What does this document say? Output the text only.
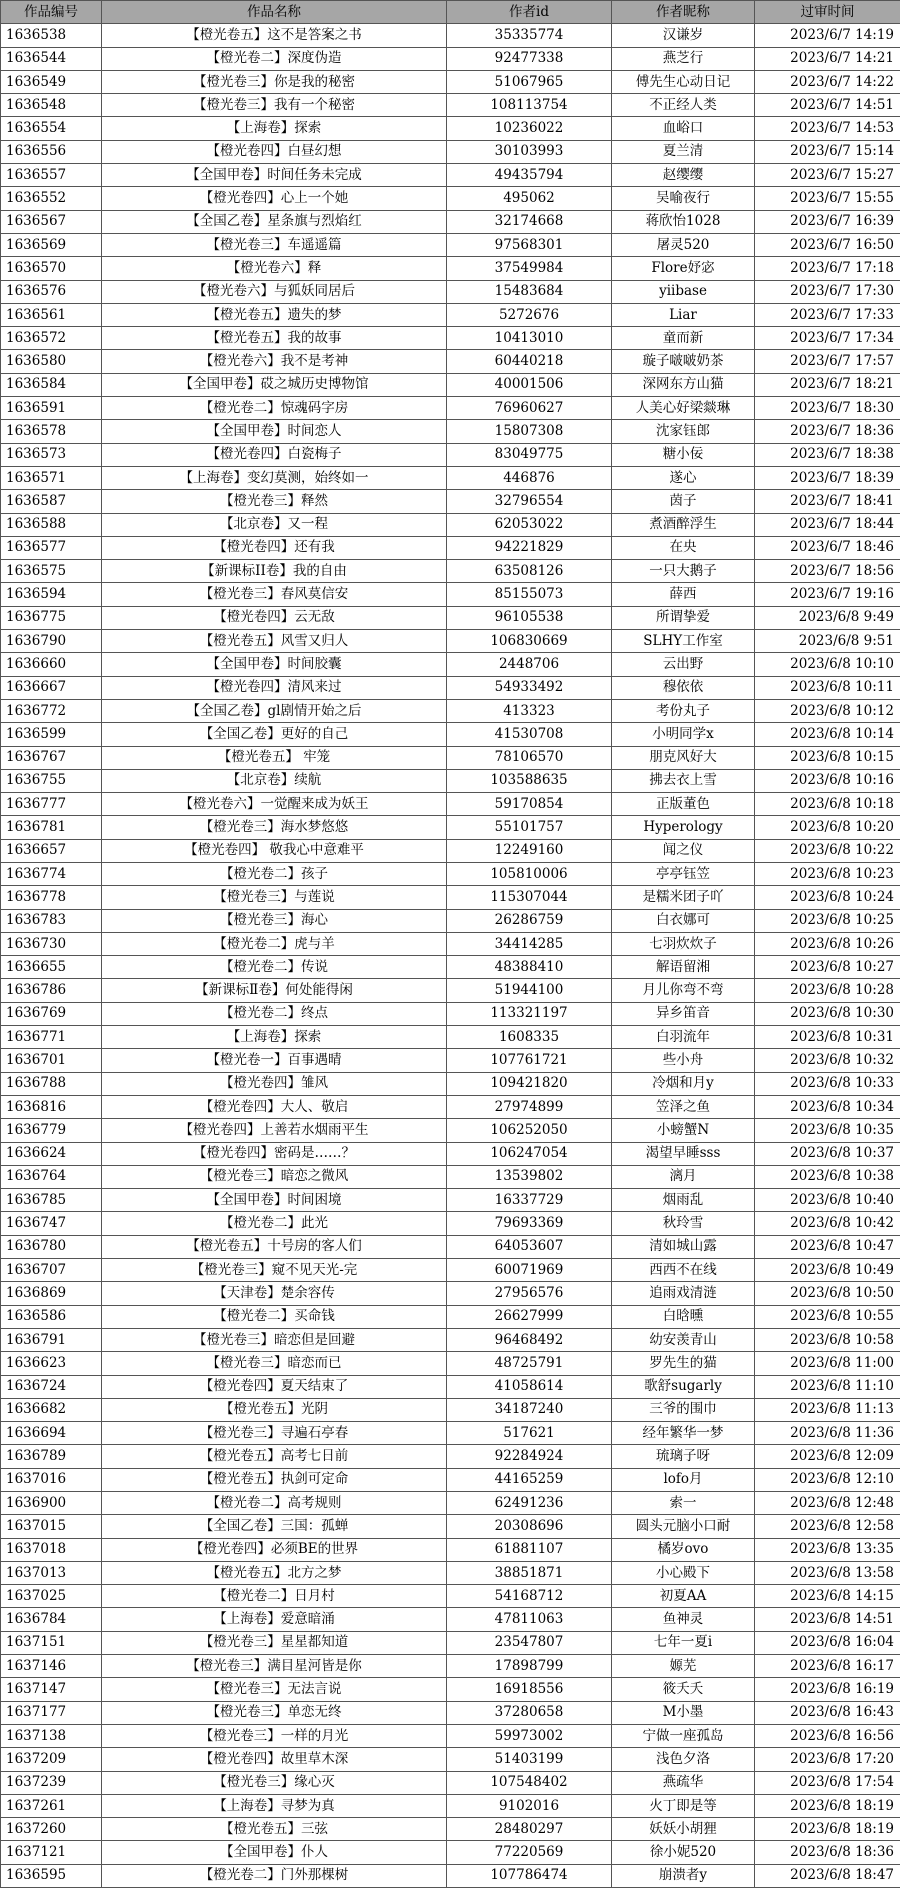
作品编号	作品名称	作者id	作者昵称	过审时间
1636538	【橙光卷五】这不是答案之书	35335774	汉谦岁	2023/6/7 14:19
1636544	【橙光卷二】深度伪造	92477338	燕芝行	2023/6/7 14:21
1636549	【橙光卷三】你是我的秘密	51067965	傅先生心动日记	2023/6/7 14:22
1636548	【橙光卷三】我有一个秘密	108113754	不正经人类	2023/6/7 14:51
1636554	【上海卷】探索	10236022	血峪口	2023/6/7 14:53
1636556	【橙光卷四】白昼幻想	30103993	夏兰清	2023/6/7 15:14
1636557	【全国甲卷】时间任务未完成	49435794	赵缨缨	2023/6/7 15:27
1636552	【橙光卷四】心上一个她	495062	吴喻夜行	2023/6/7 15:55
1636567	【全国乙卷】星条旗与烈焰红	32174668	蒋欣怡1028	2023/6/7 16:39
1636569	【橙光卷三】车遥遥篇	97568301	屠灵520	2023/6/7 16:50
1636570	【橙光卷六】释	37549984	Flore妤宓	2023/6/7 17:18
1636576	【橙光卷六】与狐妖同居后	15483684	yiibase	2023/6/7 17:30
1636561	【橙光卷五】遗失的梦	5272676	Liar	2023/6/7 17:33
1636572	【橙光卷五】我的故事	10413010	童而新	2023/6/7 17:34
1636580	【橙光卷六】我不是考神	60440218	璇子啵啵奶茶	2023/6/7 17:57
1636584	【全国甲卷】砹之城历史博物馆	40001506	深网东方山猫	2023/6/7 18:21
1636591	【橙光卷二】惊魂码字房	76960627	人美心好梁燚琳	2023/6/7 18:30
1636578	【全国甲卷】时间恋人	15807308	沈家钰郎	2023/6/7 18:36
1636573	【橙光卷四】白瓷梅子	83049775	糖小佞	2023/6/7 18:38
1636571	【上海卷】变幻莫测，始终如一	446876	遂心	2023/6/7 18:39
1636587	【橙光卷三】释然	32796554	茵子	2023/6/7 18:41
1636588	【北京卷】又一程	62053022	煮酒醉浮生	2023/6/7 18:44
1636577	【橙光卷四】还有我	94221829	在央	2023/6/7 18:46
1636575	【新课标II卷】我的自由	63508126	一只大鹅子	2023/6/7 18:56
1636594	【橙光卷三】春风莫信安	85155073	薛西	2023/6/7 19:16
1636775	【橙光卷四】云无敌	96105538	所谓挚爱	2023/6/8 9:49
1636790	【橙光卷五】风雪又归人	106830669	SLHY工作室	2023/6/8 9:51
1636660	【全国甲卷】时间胶囊	2448706	云出野	2023/6/8 10:10
1636667	【橙光卷四】清风来过	54933492	穆依依	2023/6/8 10:11
1636772	【全国乙卷】gl剧情开始之后	413323	考份丸子	2023/6/8 10:12
1636599	【全国乙卷】更好的自己	41530708	小明同学x	2023/6/8 10:14
1636767	【橙光卷五】 牢笼	78106570	朋克风好大	2023/6/8 10:15
1636755	【北京卷】续航	103588635	拂去衣上雪	2023/6/8 10:16
1636777	【橙光卷六】一觉醒来成为妖王	59170854	正版董色	2023/6/8 10:18
1636781	【橙光卷三】海水梦悠悠	55101757	Hyperology	2023/6/8 10:20
1636657	【橙光卷四】 敬我心中意难平	12249160	闻之仪	2023/6/8 10:22
1636774	【橙光卷二】孩子	105810006	亭亭钰笠	2023/6/8 10:23
1636778	【橙光卷三】与莲说	115307044	是糯米团子吖	2023/6/8 10:24
1636783	【橙光卷三】海心	26286759	白衣娜可	2023/6/8 10:25
1636730	【橙光卷二】虎与羊	34414285	七羽炊炊子	2023/6/8 10:26
1636655	【橙光卷二】传说	48388410	解语留湘	2023/6/8 10:27
1636786	【新课标Ⅱ卷】何处能得闲	51944100	月儿你弯不弯	2023/6/8 10:28
1636769	【橙光卷二】终点	113321197	异乡笛音	2023/6/8 10:30
1636771	【上海卷】探索	1608335	白羽流年	2023/6/8 10:31
1636701	【橙光卷一】百事遇晴	107761721	些小舟	2023/6/8 10:32
1636788	【橙光卷四】雏风	109421820	冷烟和月y	2023/6/8 10:33
1636816	【橙光卷四】大人、敬启	27974899	笠泽之鱼	2023/6/8 10:34
1636779	【橙光卷四】上善若水烟雨平生	106252050	小螃蟹N	2023/6/8 10:35
1636624	【橙光卷四】密码是……？	106247054	渴望早睡sss	2023/6/8 10:37
1636764	【橙光卷三】暗恋之微风	13539802	漓月	2023/6/8 10:38
1636785	【全国甲卷】时间困境	16337729	烟雨乱	2023/6/8 10:40
1636747	【橙光卷二】此光	79693369	秋玲雪	2023/6/8 10:42
1636780	【橙光卷五】十号房的客人们	64053607	清如城山露	2023/6/8 10:47
1636707	【橙光卷三】窥不见天光-完	60071969	西西不在线	2023/6/8 10:49
1636869	【天津卷】楚余容传	27956576	追雨戏清涟	2023/6/8 10:50
1636586	【橙光卷二】买命钱	26627999	白晗曛	2023/6/8 10:55
1636791	【橙光卷三】暗恋但是回避	96468492	幼安羡青山	2023/6/8 10:58
1636623	【橙光卷三】暗恋而已	48725791	罗先生的猫	2023/6/8 11:00
1636724	【橙光卷四】夏天结束了	41058614	歌舒sugarly	2023/6/8 11:10
1636682	【橙光卷五】光阴	34187240	三爷的围巾	2023/6/8 11:13
1636694	【橙光卷三】寻遍石亭春	517621	经年繁华一梦	2023/6/8 11:36
1636789	【橙光卷五】高考七日前	92284924	琉璃子呀	2023/6/8 12:09
1637016	【橙光卷五】执剑可定命	44165259	lofo月	2023/6/8 12:10
1636900	【橙光卷二】高考规则	62491236	索一	2023/6/8 12:48
1637015	【全国乙卷】三国：孤蝉	20308696	圆头元脑小口耐	2023/6/8 12:58
1637018	【橙光卷四】必须BE的世界	61881107	橘岁ovo	2023/6/8 13:35
1637013	【橙光卷五】北方之梦	38851871	小心殿下	2023/6/8 13:58
1637025	【橙光卷二】日月村	54168712	初夏AA	2023/6/8 14:15
1636784	【上海卷】爱意暗涌	47811063	鱼神灵	2023/6/8 14:51
1637151	【橙光卷三】星星都知道	23547807	七年一夏i	2023/6/8 16:04
1637146	【橙光卷三】满目星河皆是你	17898799	嫄芜	2023/6/8 16:17
1637147	【橙光卷三】无法言说	16918556	筱夭夭	2023/6/8 16:19
1637177	【橙光卷三】单恋无终	37280658	M小墨	2023/6/8 16:43
1637138	【橙光卷三】一样的月光	59973002	宁做一座孤岛	2023/6/8 16:56
1637209	【橙光卷四】故里草木深	51403199	浅色夕洛	2023/6/8 17:20
1637239	【橙光卷三】缘心灭	107548402	燕疏华	2023/6/8 17:54
1637261	【上海卷】寻梦为真	9102016	火丁即是等	2023/6/8 18:19
1637260	【橙光卷五】三弦	28480297	妖妖小胡狸	2023/6/8 18:19
1637121	【全国甲卷】仆人	77220569	徐小妮520	2023/6/8 18:36
1636595	【橙光卷二】门外那棵树	107786474	崩溃者y	2023/6/8 18:47
